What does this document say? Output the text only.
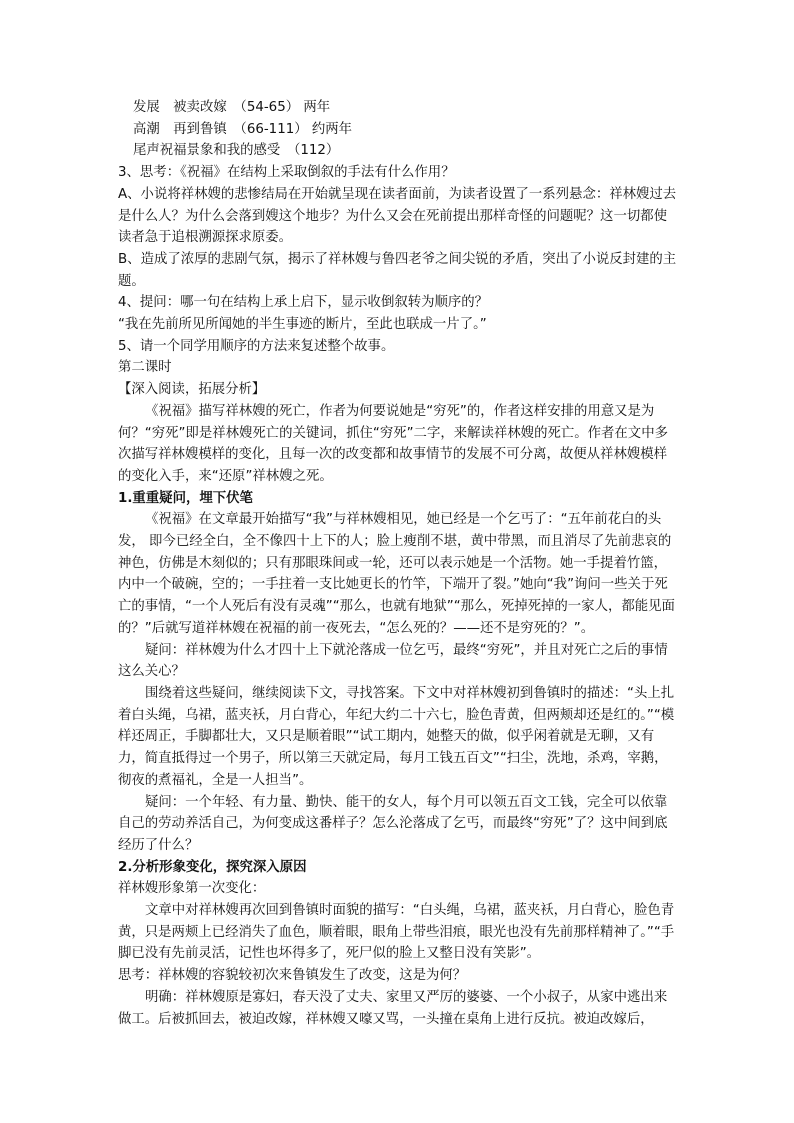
发展　被卖改嫁　（54-65） 两年

高潮　再到鲁镇　（66-111） 约两年

尾声祝福景象和我的感受　（112）

3、思考：《祝福》在结构上采取倒叙的手法有什么作用？

A、小说将祥林嫂的悲惨结局在开始就呈现在读者面前，为读者设置了一系列悬念：祥林嫂过去是什么人？为什么会落到嫂这个地步？为什么又会在死前提出那样奇怪的问题呢？这一切都使读者急于追根溯源探求原委。

B、造成了浓厚的悲剧气氛，揭示了祥林嫂与鲁四老爷之间尖锐的矛盾，突出了小说反封建的主题。

4、提问：哪一句在结构上承上启下，显示收倒叙转为顺序的？

“我在先前所见所闻她的半生事迹的断片，至此也联成一片了。”

5、请一个同学用顺序的方法来复述整个故事。

第二课时

【深入阅读，拓展分析】

《祝福》描写祥林嫂的死亡，作者为何要说她是“穷死”的，作者这样安排的用意又是为何？“穷死”即是祥林嫂死亡的关键词，抓住“穷死”二字，来解读祥林嫂的死亡。作者在文中多次描写祥林嫂模样的变化，且每一次的改变都和故事情节的发展不可分离，故便从祥林嫂模样的变化入手，来“还原”祥林嫂之死。

1.重重疑问，埋下伏笔

《祝福》在文章最开始描写“我”与祥林嫂相见，她已经是一个乞丐了：“五年前花白的头发， 即今已经全白，全不像四十上下的人；脸上瘦削不堪，黄中带黑，而且消尽了先前悲哀的神色，仿佛是木刻似的；只有那眼珠间或一轮，还可以表示她是一个活物。她一手提着竹篮，内中一个破碗，空的；一手拄着一支比她更长的竹竿，下端开了裂。”她向“我”询问一些关于死亡的事情，“一个人死后有没有灵魂”“那么，也就有地狱”“那么，死掉死掉的一家人，都能见面的？”后就写道祥林嫂在祝福的前一夜死去，“怎么死的？——还不是穷死的？”。

疑问：祥林嫂为什么才四十上下就沦落成一位乞丐，最终“穷死”，并且对死亡之后的事情这么关心？

围绕着这些疑问，继续阅读下文，寻找答案。下文中对祥林嫂初到鲁镇时的描述：“头上扎着白头绳，乌裙，蓝夹袄，月白背心，年纪大约二十六七，脸色青黄，但两颊却还是红的。”“模样还周正，手脚都壮大，又只是顺着眼”“试工期内，她整天的做，似乎闲着就是无聊，又有力，简直抵得过一个男子，所以第三天就定局，每月工钱五百文”“扫尘，洗地，杀鸡，宰鹅，彻夜的煮福礼，全是一人担当”。

疑问：一个年轻、有力量、勤快、能干的女人，每个月可以领五百文工钱，完全可以依靠自己的劳动养活自己，为何变成这番样子？怎么沦落成了乞丐，而最终“穷死”了？这中间到底经历了什么？

2.分析形象变化，探究深入原因

祥林嫂形象第一次变化：

文章中对祥林嫂再次回到鲁镇时面貌的描写：“白头绳，乌裙，蓝夹袄，月白背心，脸色青黄，只是两颊上已经消失了血色，顺着眼，眼角上带些泪痕，眼光也没有先前那样精神了。”“手脚已没有先前灵活，记性也坏得多了，死尸似的脸上又整日没有笑影”。

思考：祥林嫂的容貌较初次来鲁镇发生了改变，这是为何？

明确：祥林嫂原是寡妇，春天没了丈夫、家里又严厉的婆婆、一个小叔子，从家中逃出来做工。后被抓回去，被迫改嫁，祥林嫂又嚎又骂，一头撞在桌角上进行反抗。被迫改嫁后，
